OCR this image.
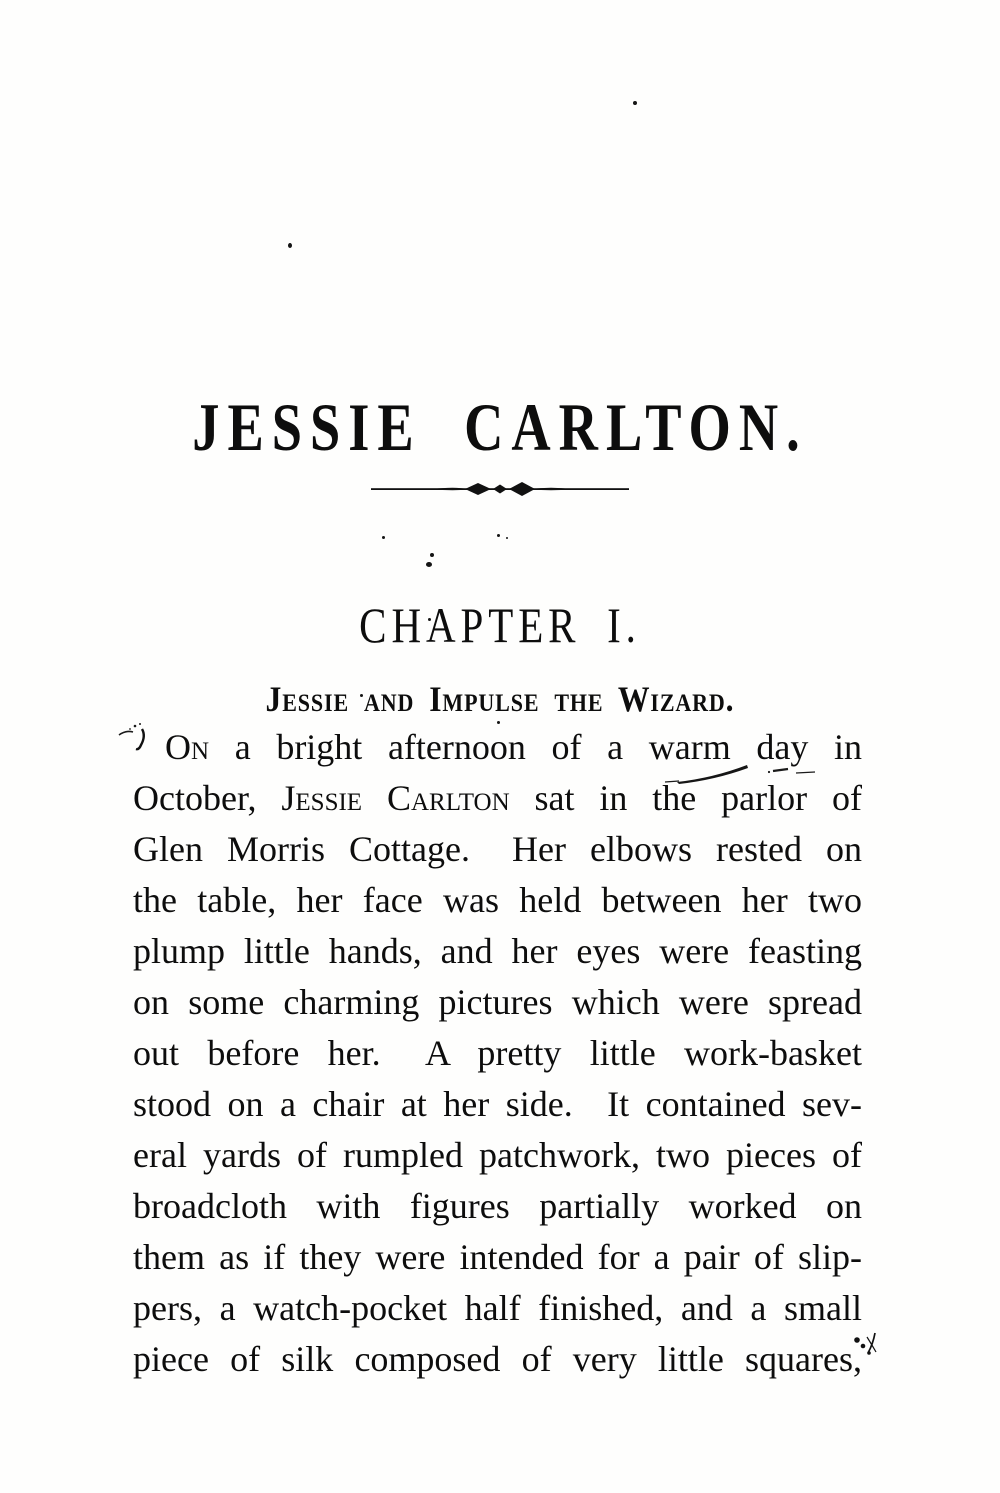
JESSIE CARLTON.
CHAPTER I.
Jessie and Impulse the Wizard.
On a bright afternoon of a warm day in
October, Jessie Carlton sat in the parlor of
Glen Morris Cottage.  Her elbows rested on
the table, her face was held between her two
plump little hands, and her eyes were feasting
on some charming pictures which were spread
out before her.  A pretty little work-basket
stood on a chair at her side.  It contained sev-
eral yards of rumpled patchwork, two pieces of
broadcloth with figures partially worked on
them as if they were intended for a pair of slip-
pers, a watch-pocket half finished, and a small
piece of silk composed of very little squares,
